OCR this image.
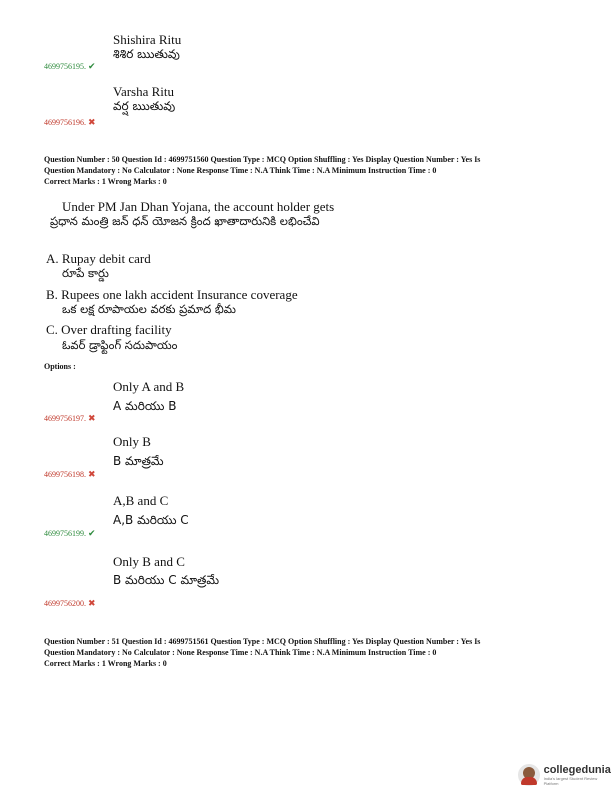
Shishira Ritu
శిశిర ఋతువు
4699756195. ✔
Varsha Ritu
వర్ష ఋతువు
4699756196. ✖
Question Number : 50 Question Id : 4699751560 Question Type : MCQ Option Shuffling : Yes Display Question Number : Yes Is
Question Mandatory : No Calculator : None Response Time : N.A Think Time : N.A Minimum Instruction Time : 0
Correct Marks : 1 Wrong Marks : 0
Under PM Jan Dhan Yojana, the account holder gets
ప్రధాన మంత్రి జన్ ధన్ యోజన క్రింద ఖాతాదారునికి లభించేవి
A. Rupay debit card
రూపే కార్డు
B. Rupees one lakh accident Insurance coverage
ఒక లక్ష రూపాయల వరకు ప్రమాద భీమ
C. Over drafting facility
ఓవర్ డ్రాఫ్టింగ్ సదుపాయం
Options :
Only A and B
A మరియు B
4699756197. ✖
Only B
B మాత్రమే
4699756198. ✖
A,B and C
A,B మరియు C
4699756199. ✔
Only B and C
B మరియు C మాత్రమే
4699756200. ✖
Question Number : 51 Question Id : 4699751561 Question Type : MCQ Option Shuffling : Yes Display Question Number : Yes Is
Question Mandatory : No Calculator : None Response Time : N.A Think Time : N.A Minimum Instruction Time : 0
Correct Marks : 1 Wrong Marks : 0
collegedunia
India's largest Student Review Platform
